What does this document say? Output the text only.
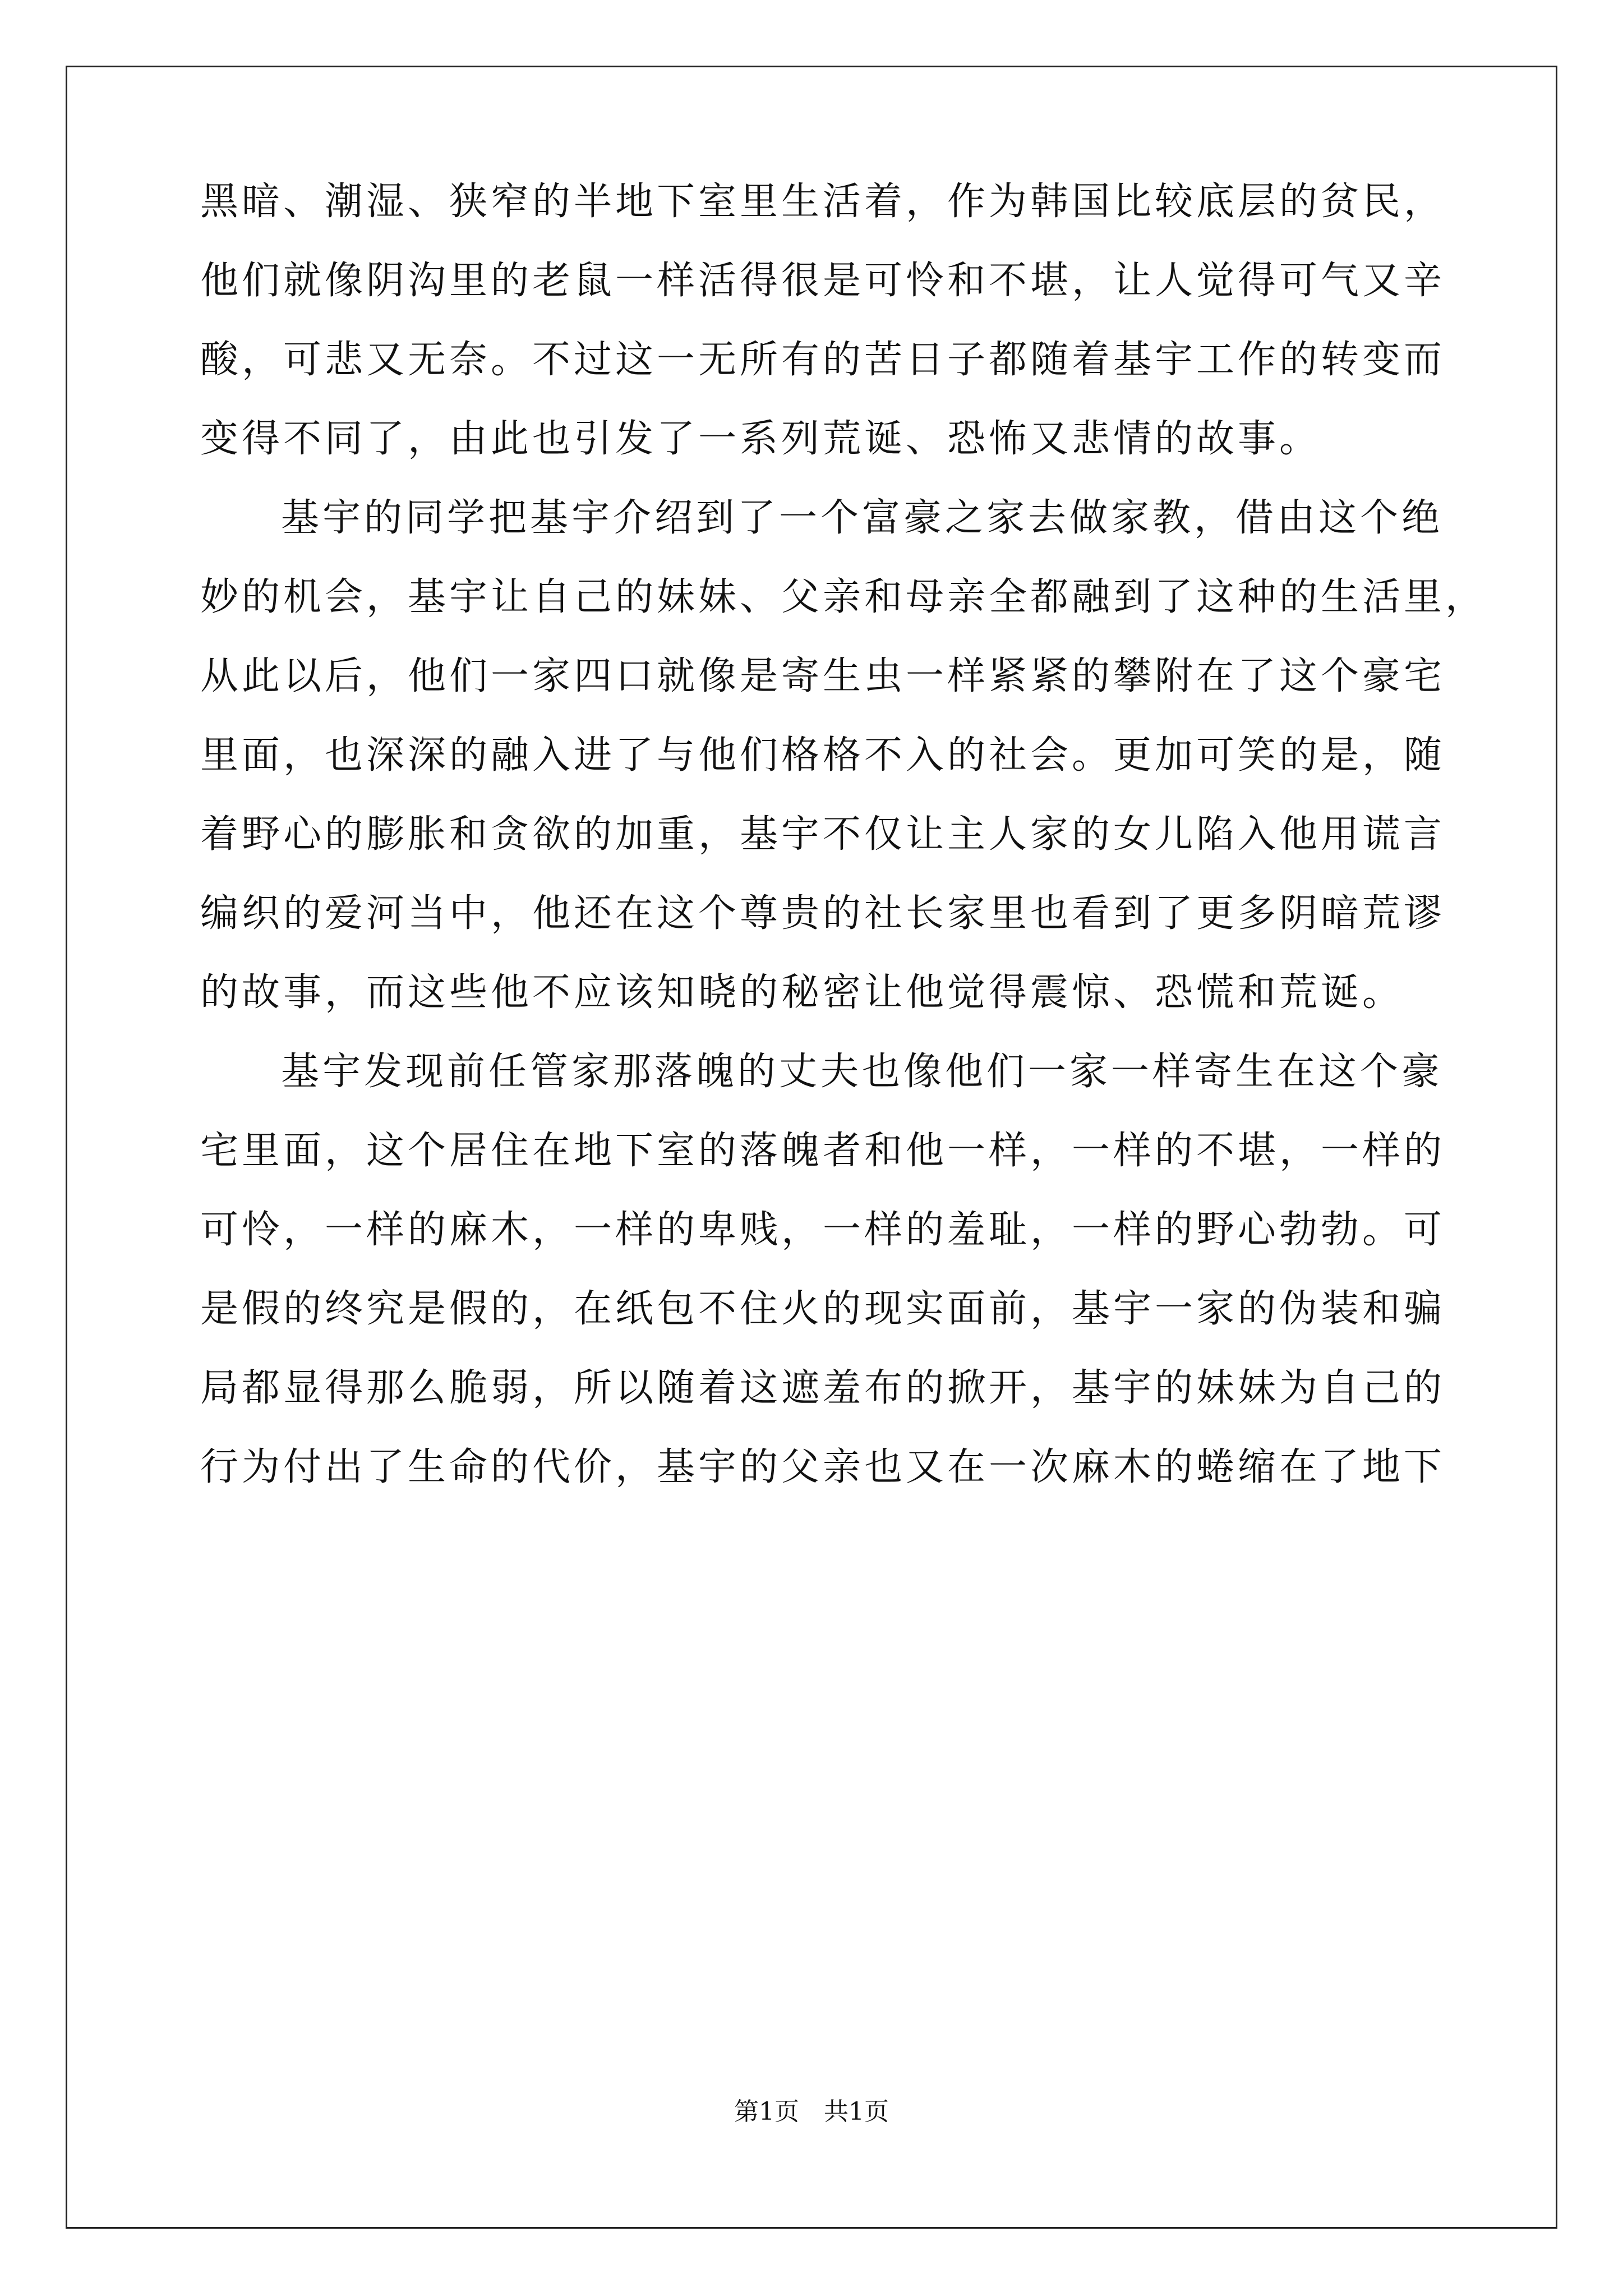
黑暗、潮湿、狭窄的半地下室里生活着，作为韩国比较底层的贫民，
他们就像阴沟里的老鼠一样活得很是可怜和不堪，让人觉得可气又辛
酸，可悲又无奈。不过这一无所有的苦日子都随着基宇工作的转变而
变得不同了，由此也引发了一系列荒诞、恐怖又悲情的故事。
基宇的同学把基宇介绍到了一个富豪之家去做家教，借由这个绝
妙的机会，基宇让自己的妹妹、父亲和母亲全都融到了这种的生活里，
从此以后，他们一家四口就像是寄生虫一样紧紧的攀附在了这个豪宅
里面，也深深的融入进了与他们格格不入的社会。更加可笑的是，随
着野心的膨胀和贪欲的加重，基宇不仅让主人家的女儿陷入他用谎言
编织的爱河当中，他还在这个尊贵的社长家里也看到了更多阴暗荒谬
的故事，而这些他不应该知晓的秘密让他觉得震惊、恐慌和荒诞。
基宇发现前任管家那落魄的丈夫也像他们一家一样寄生在这个豪
宅里面，这个居住在地下室的落魄者和他一样，一样的不堪，一样的
可怜，一样的麻木，一样的卑贱，一样的羞耻，一样的野心勃勃。可
是假的终究是假的，在纸包不住火的现实面前，基宇一家的伪装和骗
局都显得那么脆弱，所以随着这遮羞布的掀开，基宇的妹妹为自己的
行为付出了生命的代价，基宇的父亲也又在一次麻木的蜷缩在了地下
第1页　共1页
